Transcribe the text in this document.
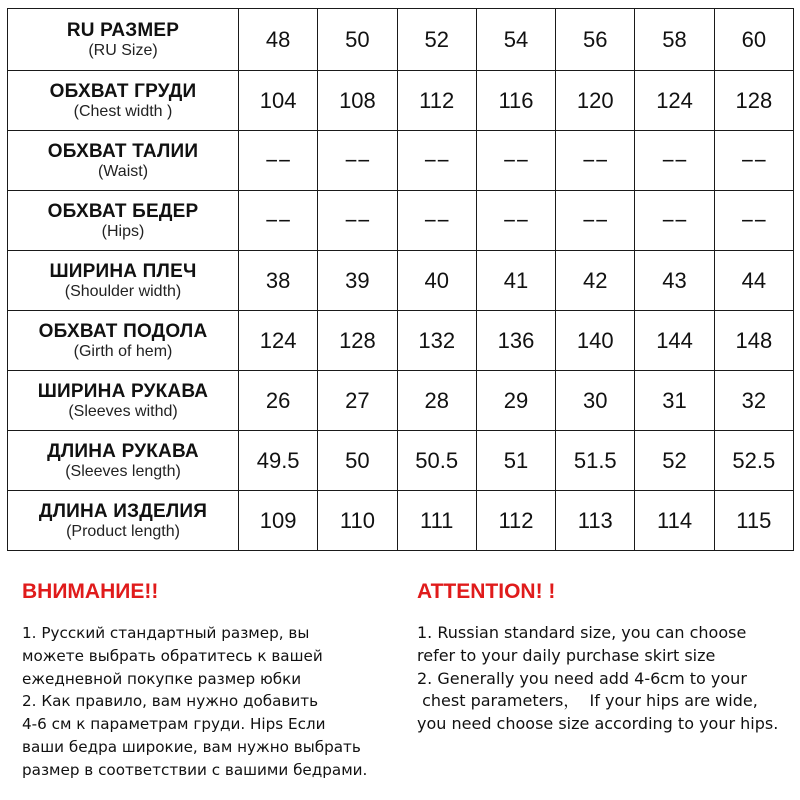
RU РАЗМЕР
(RU Size)	48	50	52	54	56	58	60

ОБХВАТ ГРУДИ
(Chest width )	104	108	112	116	120	124	128

ОБХВАТ ТАЛИИ
(Waist)	−−	−−	−−	−−	−−	−−	−−

ОБХВАТ БЕДЕР
(Hips)	−−	−−	−−	−−	−−	−−	−−

ШИРИНА ПЛЕЧ
(Shoulder width)	38	39	40	41	42	43	44

ОБХВАТ ПОДОЛА
(Girth of hem)	124	128	132	136	140	144	148

ШИРИНА РУКАВА
(Sleeves withd)	26	27	28	29	30	31	32

ДЛИНА РУКАВА
(Sleeves length)	49.5	50	50.5	51	51.5	52	52.5

ДЛИНА ИЗДЕЛИЯ
(Product length)	109	110	111	112	113	114	115
ВНИМАНИЕ!!
1. Русский стандартный размер, вы
можете выбрать обратитесь к вашей
ежедневной покупке размер юбки
2. Как правило, вам нужно добавить
4-6 см к параметрам груди. Hips Если
ваши бедра широкие, вам нужно выбрать
размер в соответствии с вашими бедрами.
ATTENTION! !
1. Russian standard size, you can choose
refer to your daily purchase skirt size
2. Generally you need add 4-6cm to your
chest parameters，  If your hips are wide,
you need choose size according to your hips.
